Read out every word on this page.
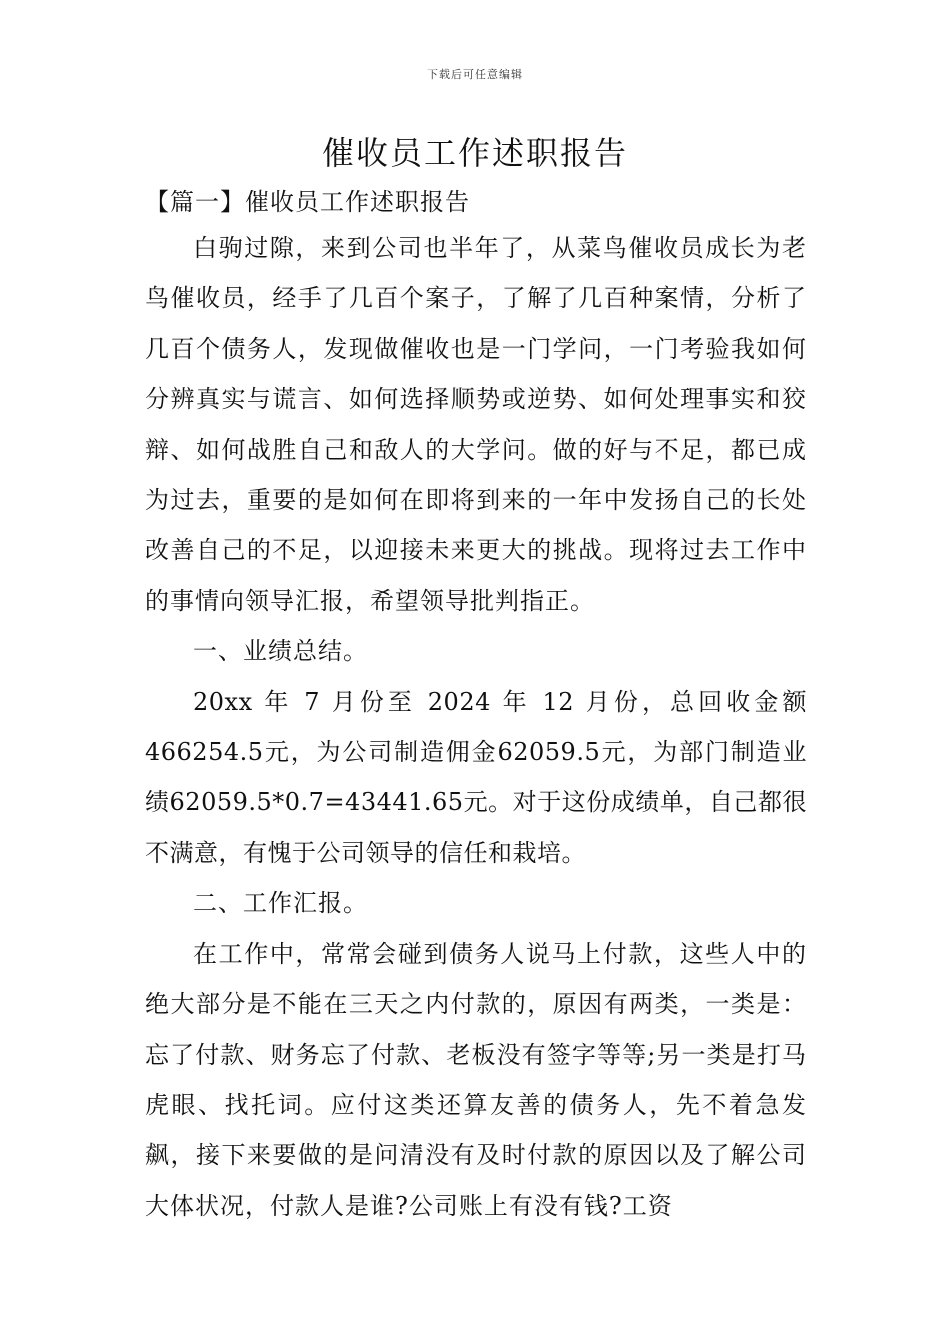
下载后可任意编辑
催收员工作述职报告
【篇一】催收员工作述职报告

白驹过隙，来到公司也半年了，从菜鸟催收员成长为老鸟催收员，经手了几百个案子，了解了几百种案情，分析了几百个债务人，发现做催收也是一门学问，一门考验我如何分辨真实与谎言、如何选择顺势或逆势、如何处理事实和狡辩、如何战胜自己和敌人的大学问。做的好与不足，都已成为过去，重要的是如何在即将到来的一年中发扬自己的长处改善自己的不足，以迎接未来更大的挑战。现将过去工作中的事情向领导汇报，希望领导批判指正。

一、业绩总结。

20xx 年 7 月份至 2024 年 12 月份，总回收金额466254.5元，为公司制造佣金62059.5元，为部门制造业绩62059.5*0.7=43441.65元。对于这份成绩单，自己都很不满意，有愧于公司领导的信任和栽培。

二、工作汇报。

在工作中，常常会碰到债务人说马上付款，这些人中的绝大部分是不能在三天之内付款的，原因有两类，一类是：忘了付款、财务忘了付款、老板没有签字等等;另一类是打马虎眼、找托词。应付这类还算友善的债务人，先不着急发飙，接下来要做的是问清没有及时付款的原因以及了解公司大体状况，付款人是谁?公司账上有没有钱?工资
